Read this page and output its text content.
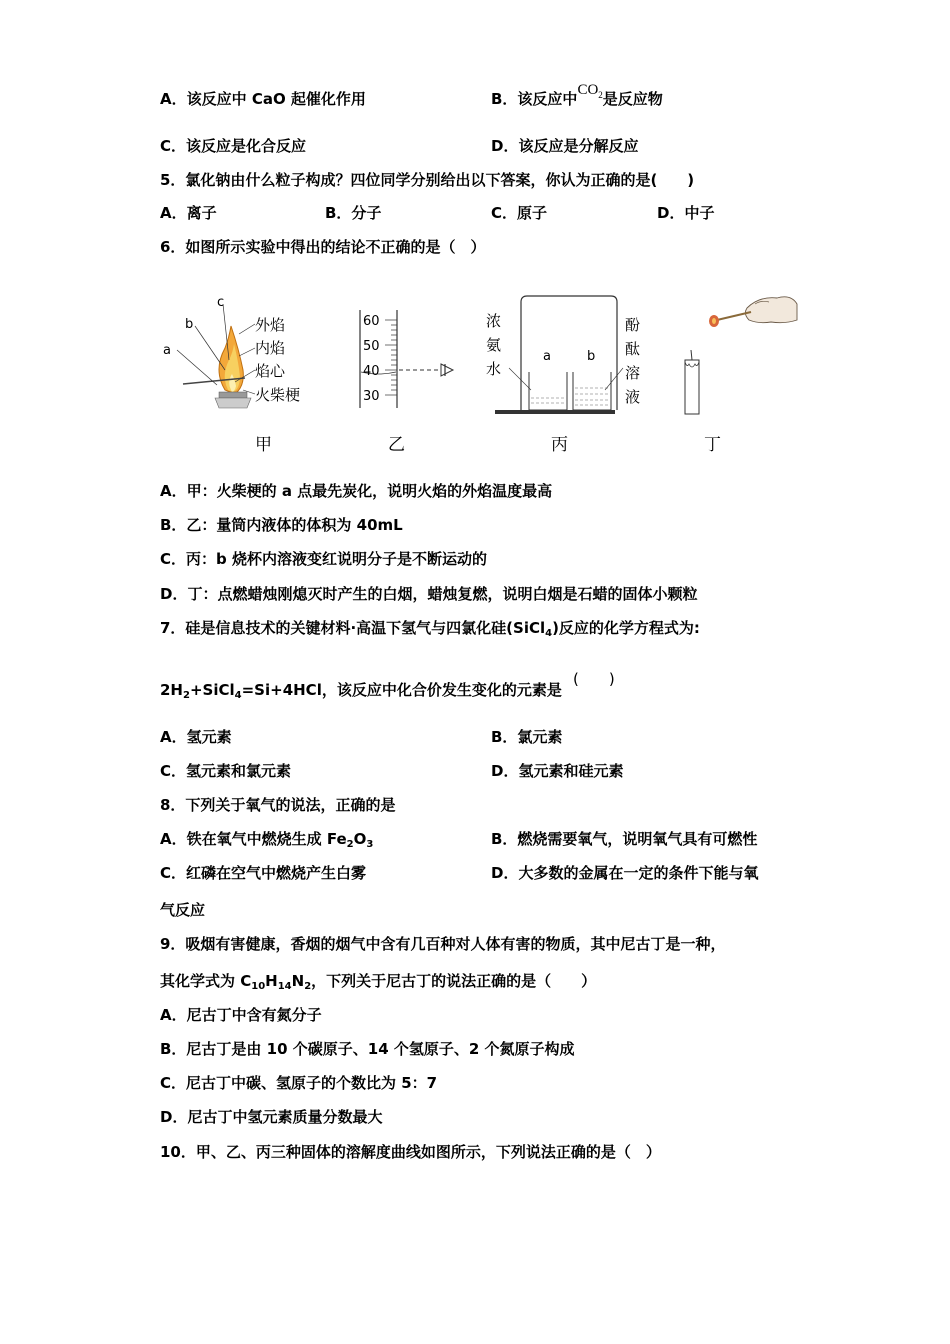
A．该反应中 CaO 起催化作用	B．该反应中$CO_2$是反应物
C．该反应是化合反应	D．该反应是分解反应
5．氯化钠由什么粒子构成？四位同学分别给出以下答案，你认为正确的是(　　)
A．离子	B．分子	C．原子	D．中子
6．如图所示实验中得出的结论不正确的是（　）
a
b
c
外焰
内焰
焰心
火柴梗
甲
60
50
40
30
乙
a	b
浓
氨
水
酚
酞
溶
液
丙	丁
A．甲：火柴梗的 a 点最先炭化，说明火焰的外焰温度最高
B．乙：量筒内液体的体积为 40mL
C．丙：b 烧杯内溶液变红说明分子是不断运动的
D．丁：点燃蜡烛刚熄灭时产生的白烟，蜡烛复燃，说明白烟是石蜡的固体小颗粒
7．硅是信息技术的关键材料·高温下氢气与四氯化硅(SiCl$_4$)反应的化学方程式为:
$2H_2+SiCl_4=Si+4HCl$，该反应中化合价发生变化的元素是
(　　)
A．氢元素	B．氯元素
C．氢元素和氯元素	D．氢元素和硅元素
8．下列关于氧气的说法，正确的是
A．铁在氧气中燃烧生成 $Fe_2O_3$	B．燃烧需要氧气，说明氧气具有可燃性
C．红磷在空气中燃烧产生白雾	D．大多数的金属在一定的条件下能与氧
气反应
9．吸烟有害健康，香烟的烟气中含有几百种对人体有害的物质，其中尼古丁是一种，
其化学式为 $C_{10}H_{14}N_2$，下列关于尼古丁的说法正确的是（　　）
A．尼古丁中含有氮分子
B．尼古丁是由 10 个碳原子、14 个氢原子、2 个氮原子构成
C．尼古丁中碳、氢原子的个数比为 5：7
D．尼古丁中氢元素质量分数最大
10．甲、乙、丙三种固体的溶解度曲线如图所示，下列说法正确的是（　）
